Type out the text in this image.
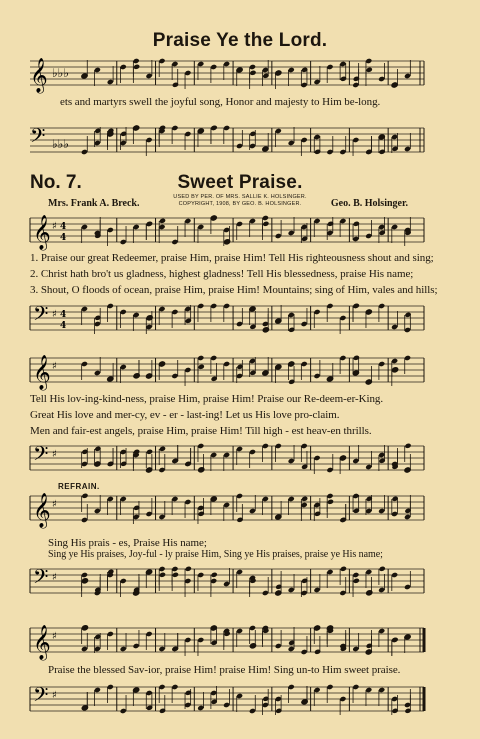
Praise Ye the Lord.
𝄞 ♭♭♭
ets and martyrs swell the joyful song, Honor and majesty to Him be-long.
𝄢 ♭♭♭
No. 7.	Sweet Praise.
USED BY PER. OF MRS. SALLIE K. HOLSINGER.
COPYRIGHT, 1908, BY GEO. B. HOLSINGER.
Mrs. Frank A. Breck.	Geo. B. Holsinger.
𝄞 ♯ 4
4
1. Praise our great Redeemer, praise Him, praise Him! Tell His righteousness shout and sing;
2. Christ hath bro't us gladness, highest gladness! Tell His blessedness, praise His name;
3. Shout, O floods of ocean, praise Him, praise Him! Mountains; sing of Him, vales and hills;
𝄢 ♯ 4
4
𝄞 ♯
Tell His lov-ing-kind-ness, praise Him, praise Him! Praise our Re-deem-er-King.
Great His love and mer-cy, ev - er - last-ing! Let us His love pro-claim.
Men and fair-est angels, praise Him, praise Him! Till high - est heav-en thrills.
𝄢 ♯
REFRAIN.
𝄞 ♯
Sing His prais - es, Praise His name;
Sing ye His praises, Joy-ful - ly praise Him, Sing ye His praises, praise ye His name;
𝄢 ♯
𝄞 ♯
Praise the blessed Sav-ior, praise Him! praise Him! Sing un-to Him sweet praise.
𝄢 ♯
